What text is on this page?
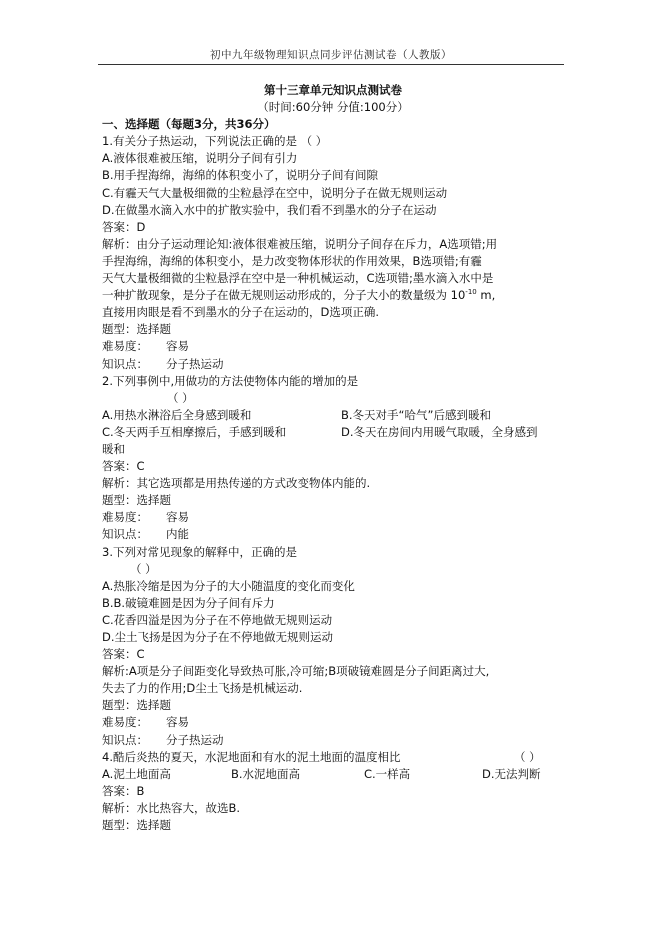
初中九年级物理知识点同步评估测试卷（人教版）
第十三章单元知识点测试卷
（时间:60分钟 分值:100分）
一、选择题（每题3分，共36分）
1.有关分子热运动，下列说法正确的是 （ ）
A.液体很难被压缩，说明分子间有引力
B.用手捏海绵，海绵的体积变小了，说明分子间有间隙
C.有霾天气大量极细微的尘粒悬浮在空中，说明分子在做无规则运动
D.在做墨水滴入水中的扩散实验中，我们看不到墨水的分子在运动
答案：D
解析：由分子运动理论知:液体很难被压缩，说明分子间存在斥力，A选项错;用
手捏海绵，海绵的体积变小，是力改变物体形状的作用效果，B选项错;有霾
天气大量极细微的尘粒悬浮在空中是一种机械运动，C选项错;墨水滴入水中是
一种扩散现象，是分子在做无规则运动形成的，分子大小的数量级为 $10^{-10}$ m,
直接用肉眼是看不到墨水的分子在运动的，D选项正确.
题型：选择题
难易度：	容易
知识点：	分子热运动
2.下列事例中,用做功的方法使物体内能的增加的是
（ ）
A.用热水淋浴后全身感到暖和	B.冬天对手“哈气”后感到暖和
C.冬天两手互相摩擦后，手感到暖和	D.冬天在房间内用暖气取暖，全身感到
暖和
答案：C
解析：其它选项都是用热传递的方式改变物体内能的.
题型：选择题
难易度：	容易
知识点：	内能
3.下列对常见现象的解释中，正确的是
（ ）
A.热胀冷缩是因为分子的大小随温度的变化而变化
B.B.破镜难圆是因为分子间有斥力
C.花香四溢是因为分子在不停地做无规则运动
D.尘土飞扬是因为分子在不停地做无规则运动
答案：C
解析:A项是分子间距变化导致热可胀,冷可缩;B项破镜难圆是分子间距离过大,
失去了力的作用;D尘土飞扬是机械运动.
题型：选择题
难易度：	容易
知识点：	分子热运动
4.酷后炎热的夏天，水泥地面和有水的泥土地面的温度相比	（ ）
A.泥土地面高	B.水泥地面高	C.一样高	D.无法判断
答案：B
解析：水比热容大，故选B.
题型：选择题
